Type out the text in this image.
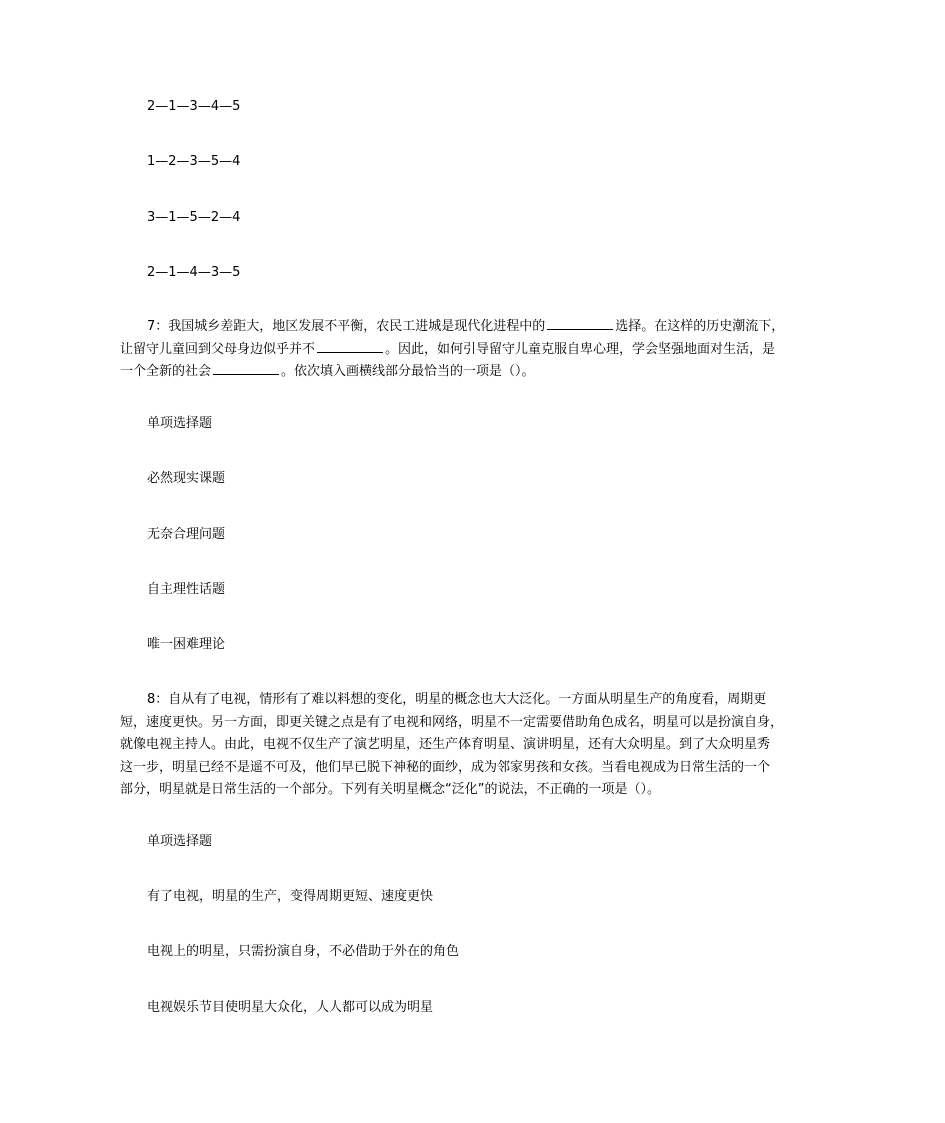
2—1—3—4—5
1—2—3—5—4
3—1—5—2—4
2—1—4—3—5
7：我国城乡差距大，地区发展不平衡，农民工进城是现代化进程中的	选择。在这样的历史潮流下，
让留守儿童回到父母身边似乎并不	。因此，如何引导留守儿童克服自卑心理，学会坚强地面对生活，是
一个全新的社会	。依次填入画横线部分最恰当的一项是（）。
单项选择题
必然现实课题
无奈合理问题
自主理性话题
唯一困难理论
8：自从有了电视，情形有了难以料想的变化，明星的概念也大大泛化。一方面从明星生产的角度看，周期更
短，速度更快。另一方面，即更关键之点是有了电视和网络，明星不一定需要借助角色成名，明星可以是扮演自身，
就像电视主持人。由此，电视不仅生产了演艺明星，还生产体育明星、演讲明星，还有大众明星。到了大众明星秀
这一步，明星已经不是遥不可及，他们早已脱下神秘的面纱，成为邻家男孩和女孩。当看电视成为日常生活的一个
部分，明星就是日常生活的一个部分。下列有关明星概念“泛化”的说法，不正确的一项是（）。
单项选择题
有了电视，明星的生产，变得周期更短、速度更快
电视上的明星，只需扮演自身，不必借助于外在的角色
电视娱乐节目使明星大众化，人人都可以成为明星
